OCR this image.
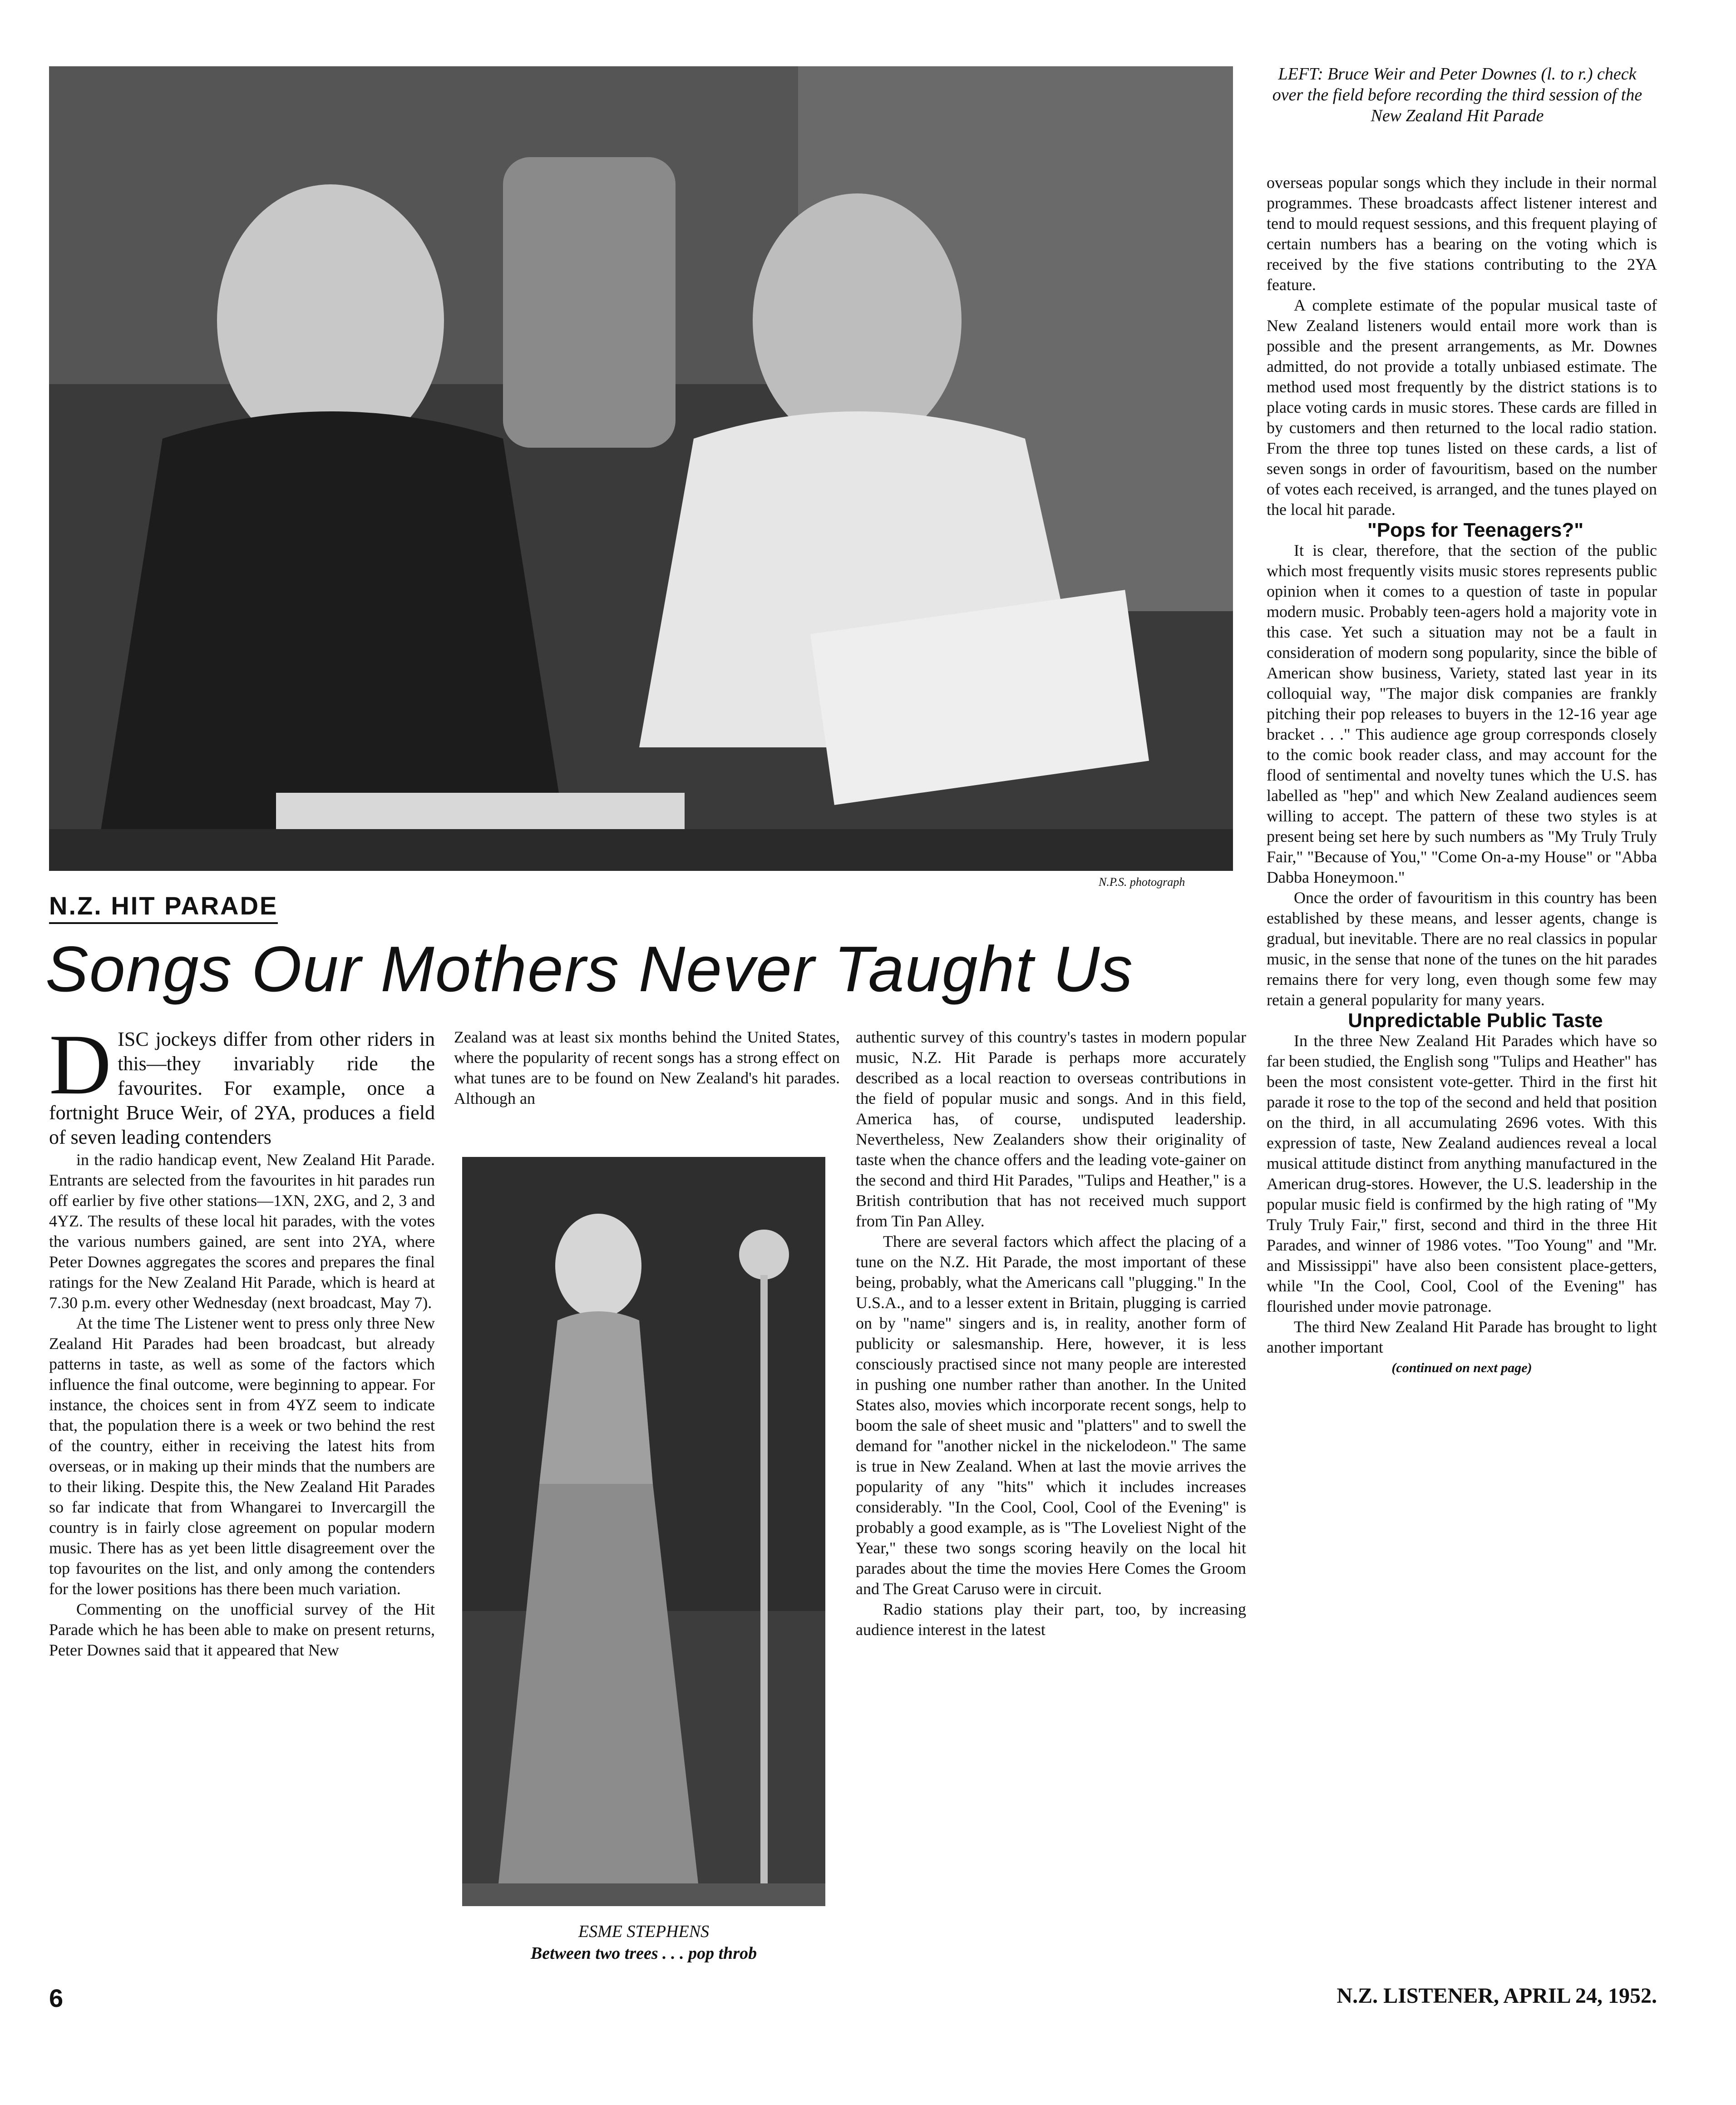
N.P.S. photograph
LEFT: Bruce Weir and Peter Downes (l. to r.) check over the field before recording the third session of the New Zealand Hit Parade
N.Z. HIT PARADE
Songs Our Mothers Never Taught Us

DISC jockeys differ from other riders in this—they invariably ride the favourites. For example, once a fortnight Bruce Weir, of 2YA, produces a field of seven leading contenders

in the radio handicap event, New Zealand Hit Parade. Entrants are selected from the favourites in hit parades run off earlier by five other stations—1XN, 2XG, and 2, 3 and 4YZ. The results of these local hit parades, with the votes the various numbers gained, are sent into 2YA, where Peter Downes aggregates the scores and prepares the final ratings for the New Zealand Hit Parade, which is heard at 7.30 p.m. every other Wednesday (next broadcast, May 7).

At the time The Listener went to press only three New Zealand Hit Parades had been broadcast, but already patterns in taste, as well as some of the factors which influence the final outcome, were beginning to appear. For instance, the choices sent in from 4YZ seem to indicate that, the population there is a week or two behind the rest of the country, either in receiving the latest hits from overseas, or in making up their minds that the numbers are to their liking. Despite this, the New Zealand Hit Parades so far indicate that from Whangarei to Invercargill the country is in fairly close agreement on popular modern music. There has as yet been little disagreement over the top favourites on the list, and only among the contenders for the lower positions has there been much variation.

Commenting on the unofficial survey of the Hit Parade which he has been able to make on present returns, Peter Downes said that it appeared that New

Zealand was at least six months behind the United States, where the popularity of recent songs has a strong effect on what tunes are to be found on New Zealand's hit parades. Although an

ESME STEPHENS
Between two trees . . . pop throb

authentic survey of this country's tastes in modern popular music, N.Z. Hit Parade is perhaps more accurately described as a local reaction to overseas contributions in the field of popular music and songs. And in this field, America has, of course, undisputed leadership. Nevertheless, New Zealanders show their originality of taste when the chance offers and the leading vote-gainer on the second and third Hit Parades, "Tulips and Heather," is a British contribution that has not received much support from Tin Pan Alley.

There are several factors which affect the placing of a tune on the N.Z. Hit Parade, the most important of these being, probably, what the Americans call "plugging." In the U.S.A., and to a lesser extent in Britain, plugging is carried on by "name" singers and is, in reality, another form of publicity or salesmanship. Here, however, it is less consciously practised since not many people are interested in pushing one number rather than another. In the United States also, movies which incorporate recent songs, help to boom the sale of sheet music and "platters" and to swell the demand for "another nickel in the nickelodeon." The same is true in New Zealand. When at last the movie arrives the popularity of any "hits" which it includes increases considerably. "In the Cool, Cool, Cool of the Evening" is probably a good example, as is "The Loveliest Night of the Year," these two songs scoring heavily on the local hit parades about the time the movies Here Comes the Groom and The Great Caruso were in circuit.

Radio stations play their part, too, by increasing audience interest in the latest

overseas popular songs which they include in their normal programmes. These broadcasts affect listener interest and tend to mould request sessions, and this frequent playing of certain numbers has a bearing on the voting which is received by the five stations contributing to the 2YA feature.

A complete estimate of the popular musical taste of New Zealand listeners would entail more work than is possible and the present arrangements, as Mr. Downes admitted, do not provide a totally unbiased estimate. The method used most frequently by the district stations is to place voting cards in music stores. These cards are filled in by customers and then returned to the local radio station. From the three top tunes listed on these cards, a list of seven songs in order of favouritism, based on the number of votes each received, is arranged, and the tunes played on the local hit parade.

"Pops for Teenagers?"

It is clear, therefore, that the section of the public which most frequently visits music stores represents public opinion when it comes to a question of taste in popular modern music. Probably teen-agers hold a majority vote in this case. Yet such a situation may not be a fault in consideration of modern song popularity, since the bible of American show business, Variety, stated last year in its colloquial way, "The major disk companies are frankly pitching their pop releases to buyers in the 12-16 year age bracket . . ." This audience age group corresponds closely to the comic book reader class, and may account for the flood of sentimental and novelty tunes which the U.S. has labelled as "hep" and which New Zealand audiences seem willing to accept. The pattern of these two styles is at present being set here by such numbers as "My Truly Truly Fair," "Because of You," "Come On-a-my House" or "Abba Dabba Honeymoon."

Once the order of favouritism in this country has been established by these means, and lesser agents, change is gradual, but inevitable. There are no real classics in popular music, in the sense that none of the tunes on the hit parades remains there for very long, even though some few may retain a general popularity for many years.

Unpredictable Public Taste

In the three New Zealand Hit Parades which have so far been studied, the English song "Tulips and Heather" has been the most consistent vote-getter. Third in the first hit parade it rose to the top of the second and held that position on the third, in all accumulating 2696 votes. With this expression of taste, New Zealand audiences reveal a local musical attitude distinct from anything manufactured in the American drug-stores. However, the U.S. leadership in the popular music field is confirmed by the high rating of "My Truly Truly Fair," first, second and third in the three Hit Parades, and winner of 1986 votes. "Too Young" and "Mr. and Mississippi" have also been consistent place-getters, while "In the Cool, Cool, Cool of the Evening" has flourished under movie patronage.

The third New Zealand Hit Parade has brought to light another important

(continued on next page)

6	N.Z. LISTENER, APRIL 24, 1952.
